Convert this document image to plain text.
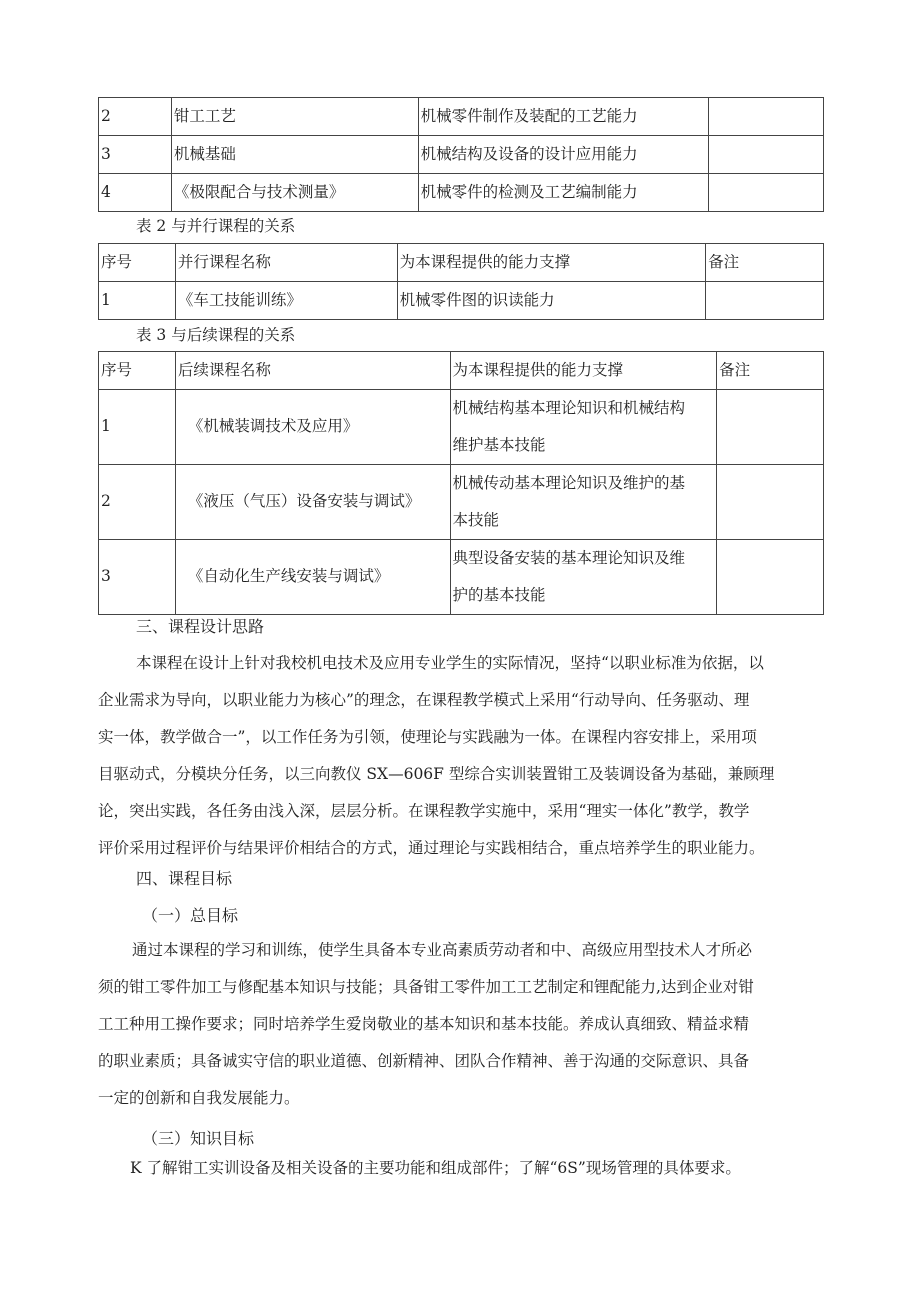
2	钳工工艺	机械零件制作及装配的工艺能力	
3	机械基础	机械结构及设备的设计应用能力	
4	《极限配合与技术测量》	机械零件的检测及工艺编制能力	

表 2 与并行课程的关系

序号	并行课程名称	为本课程提供的能力支撑	备注
1	《车工技能训练》	机械零件图的识读能力	

表 3 与后续课程的关系

序号	后续课程名称	为本课程提供的能力支撑	备注
1	《机械装调技术及应用》	机械结构基本理论知识和机械结构
维护基本技能	

2	《液压（气压）设备安装与调试》	机械传动基本理论知识及维护的基
本技能	

3	《自动化生产线安装与调试》	典型设备安装的基本理论知识及维
护的基本技能	

三、课程设计思路

本课程在设计上针对我校机电技术及应用专业学生的实际情况，坚持“以职业标准为依据，以
企业需求为导向，以职业能力为核心”的理念，在课程教学模式上采用“行动导向、任务驱动、理
实一体，教学做合一”，以工作任务为引领，使理论与实践融为一体。在课程内容安排上，采用项
目驱动式，分模块分任务，以三向教仪 SX—606F 型综合实训装置钳工及装调设备为基础，兼顾理
论，突出实践，各任务由浅入深，层层分析。在课程教学实施中，采用“理实一体化”教学，教学
评价采用过程评价与结果评价相结合的方式，通过理论与实践相结合，重点培养学生的职业能力。

四、课程目标

（一）总目标

通过本课程的学习和训练，使学生具备本专业高素质劳动者和中、高级应用型技术人才所必
须的钳工零件加工与修配基本知识与技能；具备钳工零件加工工艺制定和锂配能力,达到企业对钳
工工种用工操作要求；同时培养学生爱岗敬业的基本知识和基本技能。养成认真细致、精益求精
的职业素质；具备诚实守信的职业道德、创新精神、团队合作精神、善于沟通的交际意识、具备
一定的创新和自我发展能力。

（三）知识目标

K 了解钳工实训设备及相关设备的主要功能和组成部件；了解“6S”现场管理的具体要求。
